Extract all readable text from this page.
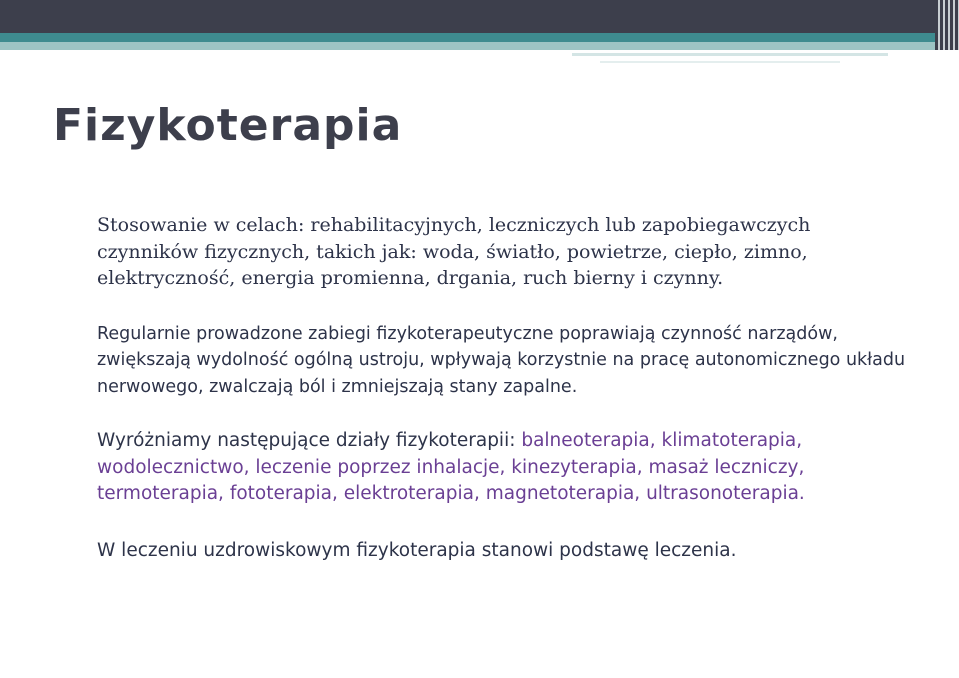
Fizykoterapia

Stosowanie w celach: rehabilitacyjnych, leczniczych lub zapobiegawczych czynników fizycznych, takich jak: woda, światło, powietrze, ciepło, zimno, elektryczność, energia promienna, drgania, ruch bierny i czynny.

Regularnie prowadzone zabiegi fizykoterapeutyczne poprawiają czynność narządów, zwiększają wydolność ogólną ustroju, wpływają korzystnie na pracę autonomicznego układu nerwowego, zwalczają ból i zmniejszają stany zapalne.

Wyróżniamy następujące działy fizykoterapii: balneoterapia, klimatoterapia, wodolecznictwo, leczenie poprzez inhalacje, kinezyterapia, masaż leczniczy, termoterapia, fototerapia, elektroterapia, magnetoterapia, ultrasonoterapia.

W leczeniu uzdrowiskowym fizykoterapia stanowi podstawę leczenia.
